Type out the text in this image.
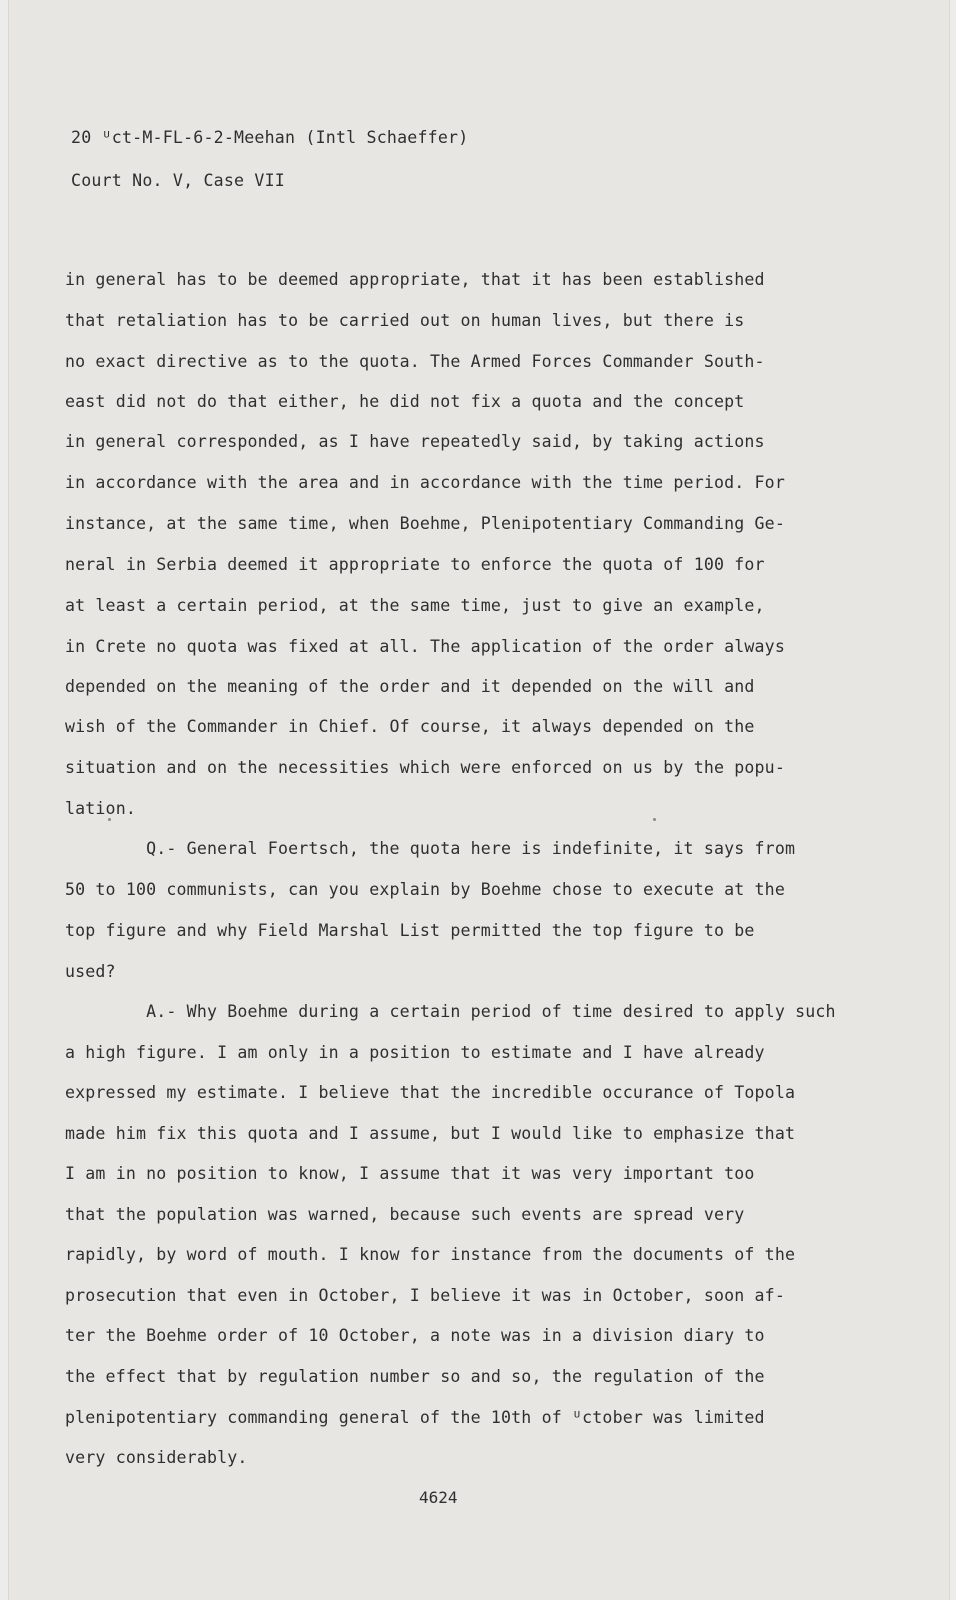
20 ᵁct-M-FL-6-2-Meehan (Intl Schaeffer)
Court No. V, Case VII
in general has to be deemed appropriate, that it has been established
that retaliation has to be carried out on human lives, but there is
no exact directive as to the quota. The Armed Forces Commander South-
east did not do that either, he did not fix a quota and the concept
in general corresponded, as I have repeatedly said, by taking actions
in accordance with the area and in accordance with the time period. For
instance, at the same time, when Boehme, Plenipotentiary Commanding Ge-
neral in Serbia deemed it appropriate to enforce the quota of 100 for
at least a certain period, at the same time, just to give an example,
in Crete no quota was fixed at all. The application of the order always
depended on the meaning of the order and it depended on the will and
wish of the Commander in Chief. Of course, it always depended on the
situation and on the necessities which were enforced on us by the popu-
lation.
Q.- General Foertsch, the quota here is indefinite, it says from
50 to 100 communists, can you explain by Boehme chose to execute at the
top figure and why Field Marshal List permitted the top figure to be
used?
A.- Why Boehme during a certain period of time desired to apply such
a high figure. I am only in a position to estimate and I have already
expressed my estimate. I believe that the incredible occurance of Topola
made him fix this quota and I assume, but I would like to emphasize that
I am in no position to know, I assume that it was very important too
that the population was warned, because such events are spread very
rapidly, by word of mouth. I know for instance from the documents of the
prosecution that even in October, I believe it was in October, soon af-
ter the Boehme order of 10 October, a note was in a division diary to
the effect that by regulation number so and so, the regulation of the
plenipotentiary commanding general of the 10th of ᵁctober was limited
very considerably.
4624
